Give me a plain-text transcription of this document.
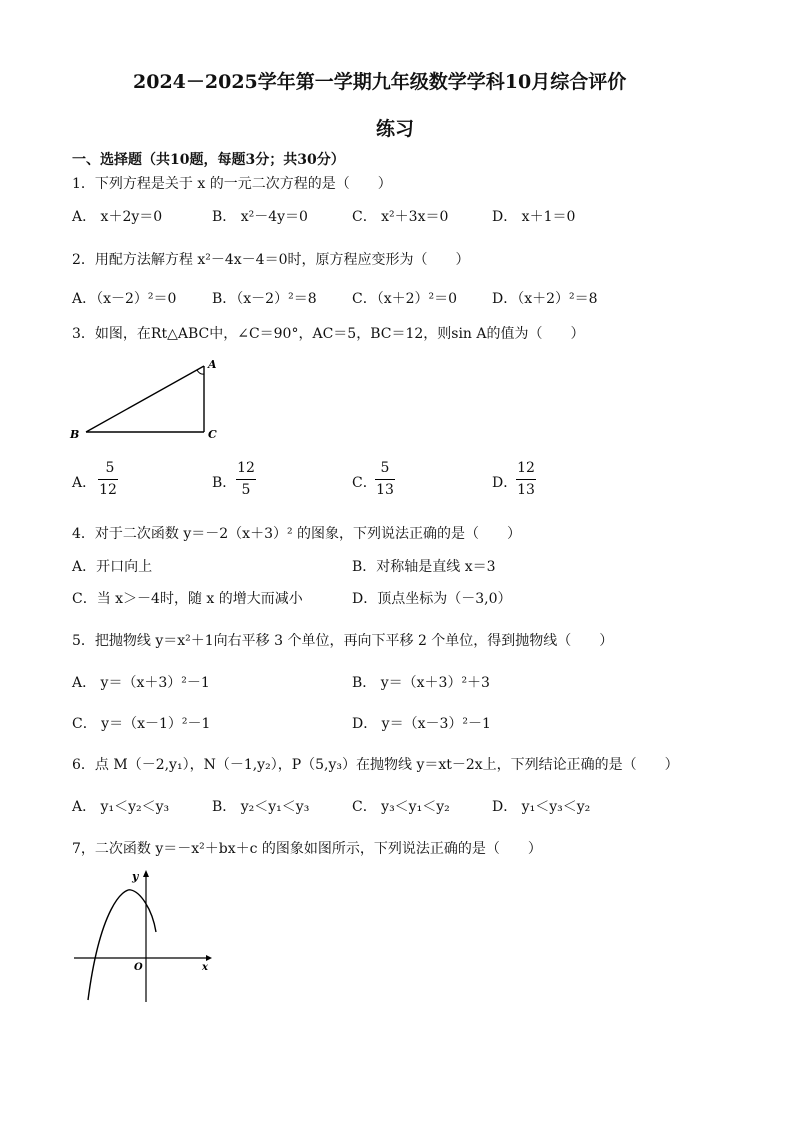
2024－2025学年第一学期九年级数学学科10月综合评价
练习
一、选择题（共10题，每题3分；共30分）
1．下列方程是关于 x 的一元二次方程的是（　　）
A． x＋2y＝0	B． x²－4y＝0	C． x²＋3x＝0	D． x＋1＝0
2．用配方法解方程 x²－4x－4＝0时，原方程应变形为（　　）
A．（x－2）²＝0	B．（x－2）²＝8	C．（x＋2）²＝0 D．（x＋2）²＝8
3．如图，在Rt△ABC中，∠C＝90°，AC＝5，BC＝12，则sin A的值为（　　）
A
B	C
A．
5
12	B．
12
5	C．
5
13	D．
12
13
4．对于二次函数 y＝－2（x＋3）² 的图象，下列说法正确的是（　　）
A．开口向上	B．对称轴是直线 x＝3
C．当 x＞－4时，随 x 的增大而减小	D．顶点坐标为（－3,0）
5．把抛物线 y＝x²＋1向右平移 3 个单位，再向下平移 2 个单位，得到抛物线（　　）
A． y＝（x＋3）²－1	B． y＝（x＋3）²＋3
C． y＝（x－1）²－1	D． y＝（x－3）²－1
6．点 M（－2,y₁），N（－1,y₂），P（5,y₃）在抛物线 y＝xt－2x上，下列结论正确的是（　　）
A． y₁＜y₂＜y₃	B． y₂＜y₁＜y₃	C． y₃＜y₁＜y₂	D． y₁＜y₃＜y₂
7，二次函数 y＝－x²＋bx＋c 的图象如图所示，下列说法正确的是（　　）
y
O	x
